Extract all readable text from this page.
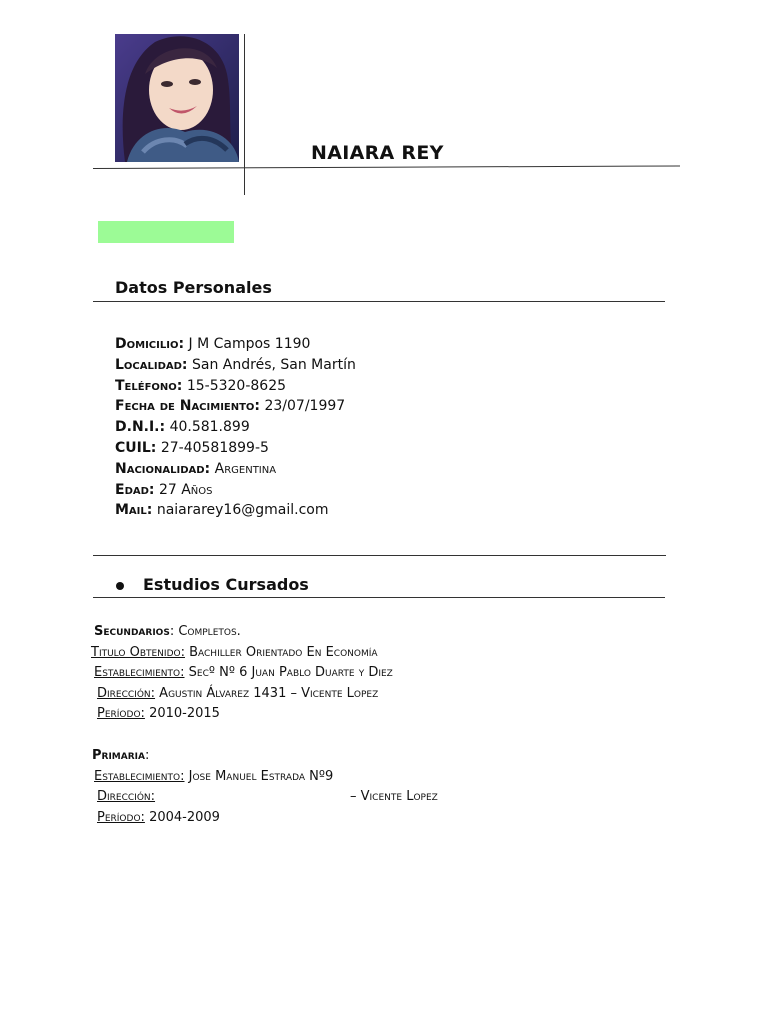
NAIARA REY
Datos Personales
Domicilio: J M Campos 1190
Localidad: San Andrés, San Martín
Teléfono: 15-5320-8625
Fecha de Nacimiento: 23/07/1997
D.N.I.: 40.581.899
CUIL: 27-40581899-5
Nacionalidad: Argentina
Edad: 27 Años
Mail: naiararey16@gmail.com
Estudios Cursados
Secundarios: Completos.
Titulo Obtenido: Bachiller Orientado En Economía
Establecimiento: Secº Nº 6 Juan Pablo Duarte y Diez
Dirección: Agustin Álvarez 1431 – Vicente Lopez
Período: 2010-2015
Primaria:
Establecimiento: Jose Manuel Estrada Nº9
Dirección:	– Vicente Lopez
Período: 2004-2009
